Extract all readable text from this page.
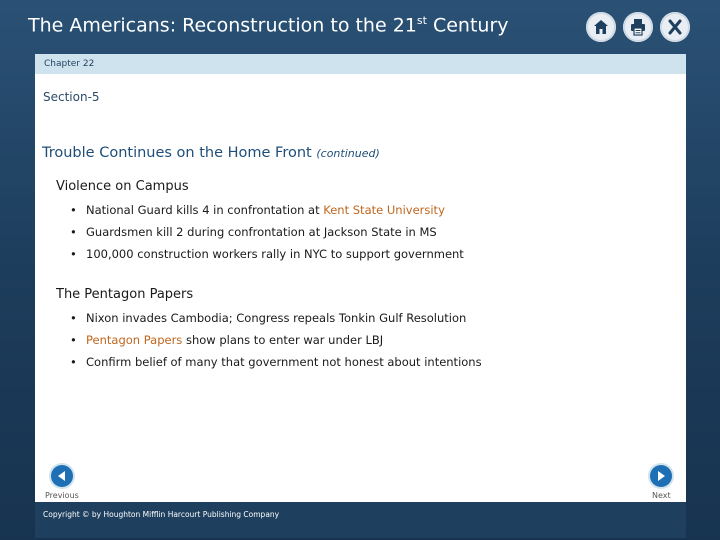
The Americans: Reconstruction to the 21st Century
Chapter 22
Section-5
Trouble Continues on the Home Front (continued)
Violence on Campus
• National Guard kills 4 in confrontation at Kent State University
• Guardsmen kill 2 during confrontation at Jackson State in MS
• 100,000 construction workers rally in NYC to support government
The Pentagon Papers
• Nixon invades Cambodia; Congress repeals Tonkin Gulf Resolution
• Pentagon Papers show plans to enter war under LBJ
• Confirm belief of many that government not honest about intentions
Previous	Next
Copyright © by Houghton Mifflin Harcourt Publishing Company
